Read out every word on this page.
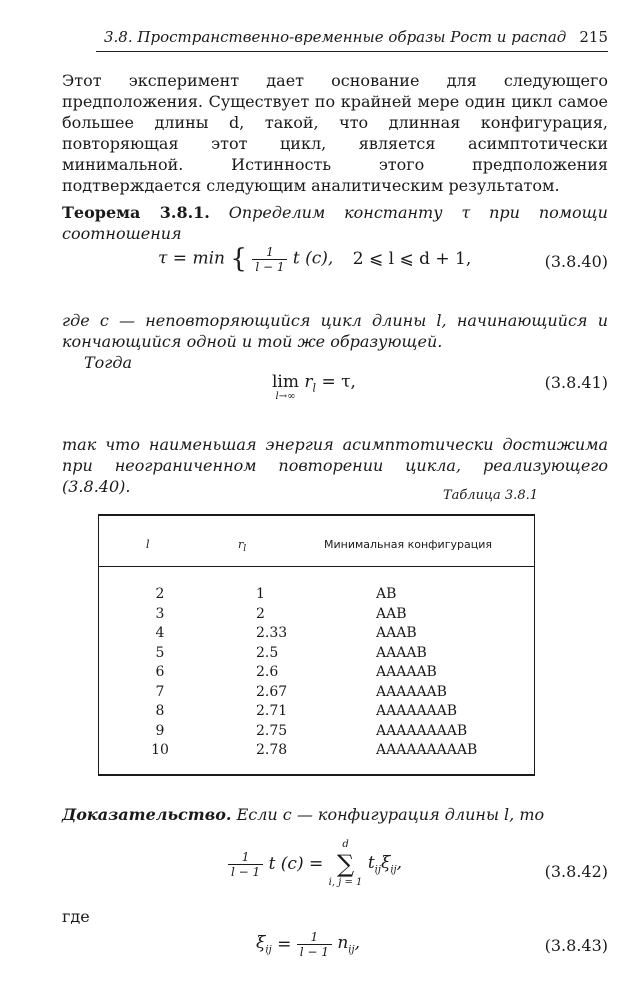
3.8. Пространственно-временные образы Рост и распад 215
Этот эксперимент дает основание для следующего предположения. Существует по крайней мере один цикл самое большее длины d, такой, что длинная конфигурация, повторяющая этот цикл, является асимптотически минимальной. Истинность этого предположения подтверждается следующим аналитическим результатом.
Теорема 3.8.1. Определим константу τ при помощи соотношения
τ = min { $\frac{1}{l - 1}$ t (c), 2 ⩽ l ⩽ d + 1,	(3.8.40)
где c — неповторяющийся цикл длины l, начинающийся и кончающийся одной и той же образующей.
Тогда
lim
l→∞
$r_l = \tau$,	(3.8.41)
так что наименьшая энергия асимптотически достижима при неограниченном повторении цикла, реализующего (3.8.40).	Таблица 3.8.1
l	$r_l$	Минимальная конфигурация
2	1	AB
3	2	AAB
4	2.33	AAAB
5	2.5	AAAAB
6	2.6	AAAAAB
7	2.67	AAAAAAB
8	2.71	AAAAAAAB
9	2.75	AAAAAAAAB
10	2.78	AAAAAAAAAB
Доказательство. Если c — конфигурация длины l, то
$\frac{1}{l - 1}$ t (c) =
d
∑
i, j = 1
$t_{ij}\xi_{ij}$,	(3.8.42)
где
$\xi_{ij} = \frac{1}{l - 1} n_{ij}$,	(3.8.43)
